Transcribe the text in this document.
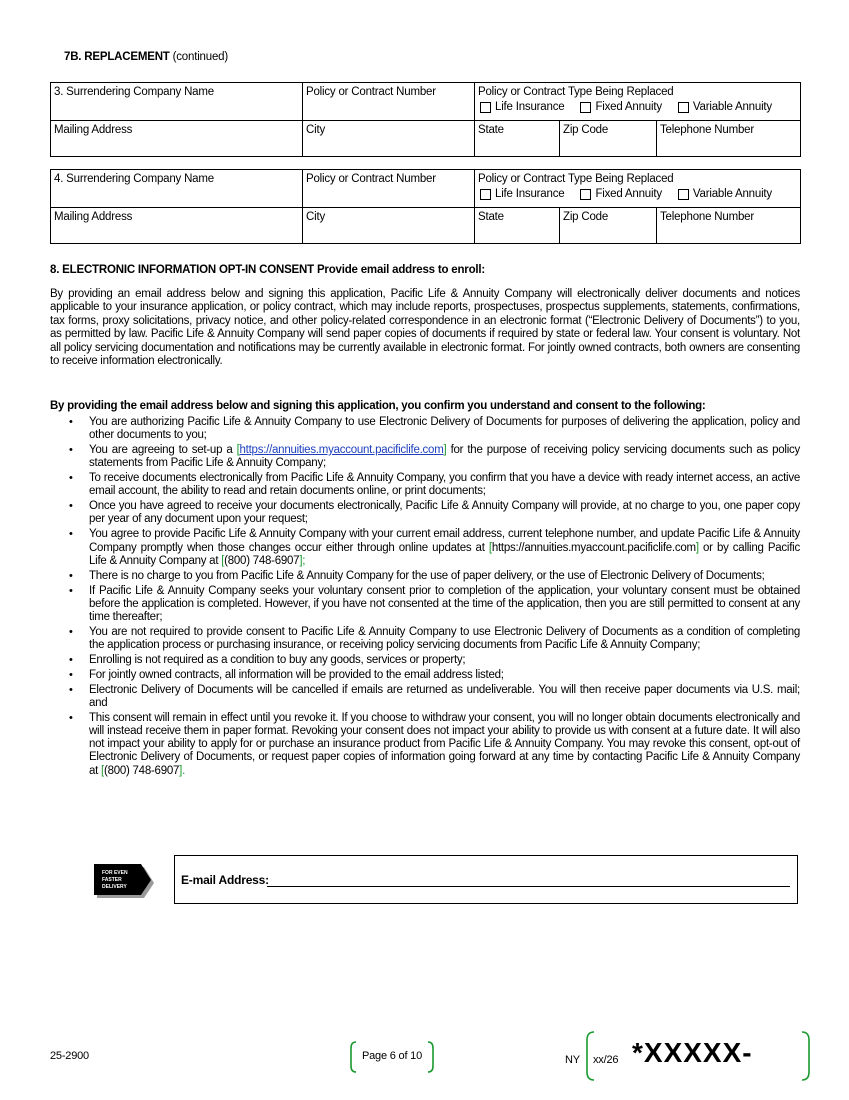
7B. REPLACEMENT (continued)
3. Surrendering Company Name	Policy or Contract Number	Policy or Contract Type Being Replaced
Life Insurance Fixed Annuity Variable Annuity		

Mailing Address	City	State	Zip Code	Telephone Number
4. Surrendering Company Name	Policy or Contract Number	Policy or Contract Type Being Replaced
Life Insurance Fixed Annuity Variable Annuity		

Mailing Address	City	State	Zip Code	Telephone Number
8. ELECTRONIC INFORMATION OPT-IN CONSENT Provide email address to enroll:
By providing an email address below and signing this application, Pacific Life & Annuity Company will electronically deliver documents and notices applicable to your insurance application, or policy contract, which may include reports, prospectuses, prospectus supplements, statements, confirmations, tax forms, proxy solicitations, privacy notice, and other policy-related correspondence in an electronic format (“Electronic Delivery of Documents”) to you, as permitted by law. Pacific Life & Annuity Company will send paper copies of documents if required by state or federal law. Your consent is voluntary. Not all policy servicing documentation and notifications may be currently available in electronic format. For jointly owned contracts, both owners are consenting to receive information electronically.
By providing the email address below and signing this application, you confirm you understand and consent to the following:
• You are authorizing Pacific Life & Annuity Company to use Electronic Delivery of Documents for purposes of delivering the application, policy and other documents to you;
• You are agreeing to set-up a [https://annuities.myaccount.pacificlife.com] for the purpose of receiving policy servicing documents such as policy statements from Pacific Life & Annuity Company;
• To receive documents electronically from Pacific Life & Annuity Company, you confirm that you have a device with ready internet access, an active email account, the ability to read and retain documents online, or print documents;
• Once you have agreed to receive your documents electronically, Pacific Life & Annuity Company will provide, at no charge to you, one paper copy per year of any document upon your request;
• You agree to provide Pacific Life & Annuity Company with your current email address, current telephone number, and update Pacific Life & Annuity Company promptly when those changes occur either through online updates at [https://annuities.myaccount.pacificlife.com] or by calling Pacific Life & Annuity Company at [(800) 748-6907];
• There is no charge to you from Pacific Life & Annuity Company for the use of paper delivery, or the use of Electronic Delivery of Documents;
• If Pacific Life & Annuity Company seeks your voluntary consent prior to completion of the application, your voluntary consent must be obtained before the application is completed. However, if you have not consented at the time of the application, then you are still permitted to consent at any time thereafter;
• You are not required to provide consent to Pacific Life & Annuity Company to use Electronic Delivery of Documents as a condition of completing the application process or purchasing insurance, or receiving policy servicing documents from Pacific Life & Annuity Company;
• Enrolling is not required as a condition to buy any goods, services or property;
• For jointly owned contracts, all information will be provided to the email address listed;
• Electronic Delivery of Documents will be cancelled if emails are returned as undeliverable. You will then receive paper documents via U.S. mail; and
• This consent will remain in effect until you revoke it. If you choose to withdraw your consent, you will no longer obtain documents electronically and will instead receive them in paper format. Revoking your consent does not impact your ability to provide us with consent at a future date. It will also not impact your ability to apply for or purchase an insurance product from Pacific Life & Annuity Company. You may revoke this consent, opt-out of Electronic Delivery of Documents, or request paper copies of information going forward at any time by contacting Pacific Life & Annuity Company at [(800) 748-6907].
FOR EVEN
FASTER
DELIVERY	E-mail Address:
25-2900	Page 6 of 10	NY xx/26 *XXXXX-
